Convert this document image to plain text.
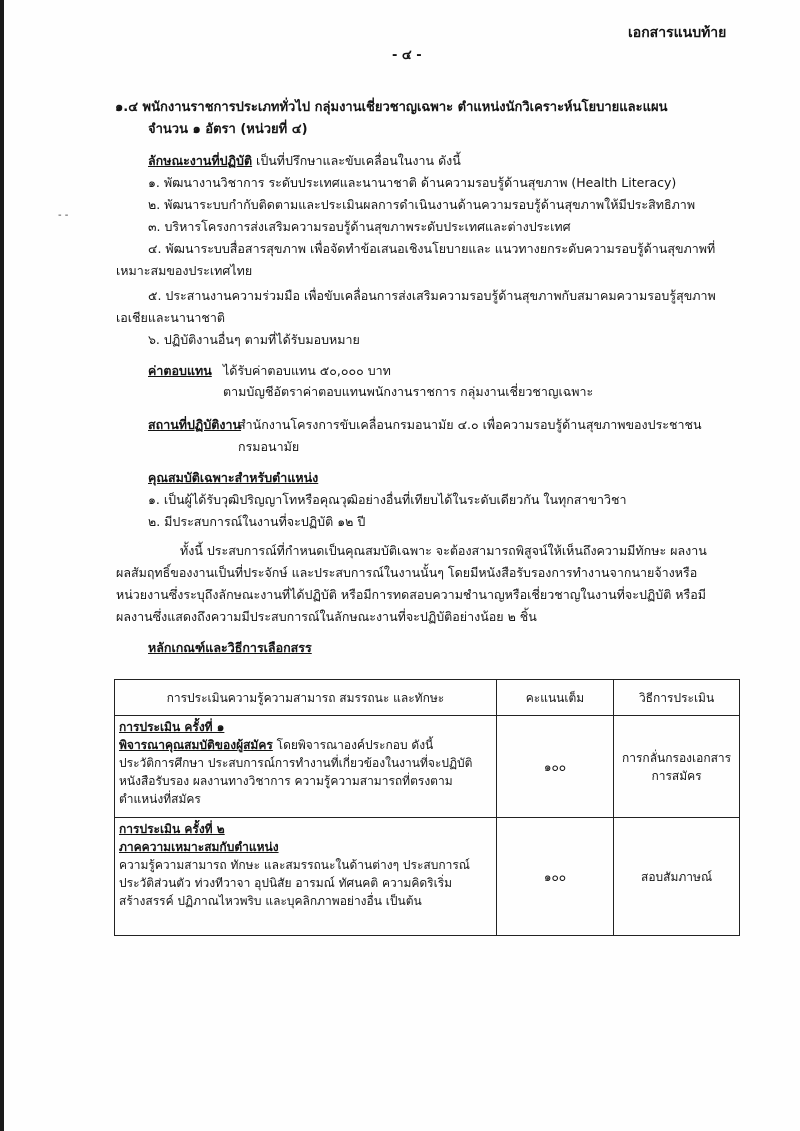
เอกสารแนบท้าย
- ๔ -
๑.๔ พนักงานราชการประเภททั่วไป กลุ่มงานเชี่ยวชาญเฉพาะ ตำแหน่งนักวิเคราะห์นโยบายและแผน
จำนวน ๑ อัตรา (หน่วยที่ ๔)
ลักษณะงานที่ปฏิบัติ เป็นที่ปรึกษาและขับเคลื่อนในงาน ดังนี้
๑. พัฒนางานวิชาการ ระดับประเทศและนานาชาติ ด้านความรอบรู้ด้านสุขภาพ (Health Literacy)
๒. พัฒนาระบบกำกับติดตามและประเมินผลการดำเนินงานด้านความรอบรู้ด้านสุขภาพให้มีประสิทธิภาพ
๓. บริหารโครงการส่งเสริมความรอบรู้ด้านสุขภาพระดับประเทศและต่างประเทศ
๔. พัฒนาระบบสื่อสารสุขภาพ เพื่อจัดทำข้อเสนอเชิงนโยบายและ แนวทางยกระดับความรอบรู้ด้านสุขภาพที่
เหมาะสมของประเทศไทย
๕. ประสานงานความร่วมมือ เพื่อขับเคลื่อนการส่งเสริมความรอบรู้ด้านสุขภาพกับสมาคมความรอบรู้สุขภาพ
เอเชียและนานาชาติ
๖. ปฏิบัติงานอื่นๆ ตามที่ได้รับมอบหมาย
- -
ค่าตอบแทน ได้รับค่าตอบแทน ๕๐,๐๐๐ บาท
ตามบัญชีอัตราค่าตอบแทนพนักงานราชการ กลุ่มงานเชี่ยวชาญเฉพาะ
สถานที่ปฏิบัติงาน
สำนักงานโครงการขับเคลื่อนกรมอนามัย ๔.๐ เพื่อความรอบรู้ด้านสุขภาพของประชาชน
กรมอนามัย
คุณสมบัติเฉพาะสำหรับตำแหน่ง
๑. เป็นผู้ได้รับวุฒิปริญญาโทหรือคุณวุฒิอย่างอื่นที่เทียบได้ในระดับเดียวกัน ในทุกสาขาวิชา
๒. มีประสบการณ์ในงานที่จะปฏิบัติ ๑๒ ปี
ทั้งนี้ ประสบการณ์ที่กำหนดเป็นคุณสมบัติเฉพาะ จะต้องสามารถพิสูจน์ให้เห็นถึงความมีทักษะ ผลงาน
ผลสัมฤทธิ์ของงานเป็นที่ประจักษ์ และประสบการณ์ในงานนั้นๆ โดยมีหนังสือรับรองการทำงานจากนายจ้างหรือ
หน่วยงานซึ่งระบุถึงลักษณะงานที่ได้ปฏิบัติ หรือมีการทดสอบความชำนาญหรือเชี่ยวชาญในงานที่จะปฏิบัติ หรือมี
ผลงานซึ่งแสดงถึงความมีประสบการณ์ในลักษณะงานที่จะปฏิบัติอย่างน้อย ๒ ชิ้น
หลักเกณฑ์และวิธีการเลือกสรร
การประเมินความรู้ความสามารถ สมรรถนะ และทักษะ	คะแนนเต็ม	วิธีการประเมิน

การประเมิน ครั้งที่ ๑
พิจารณาคุณสมบัติของผู้สมัคร โดยพิจารณาองค์ประกอบ ดังนี้
ประวัติการศึกษา ประสบการณ์การทำงานที่เกี่ยวข้องในงานที่จะปฏิบัติ
หนังสือรับรอง ผลงานทางวิชาการ ความรู้ความสามารถที่ตรงตาม
ตำแหน่งที่สมัคร	๑๐๐	การกลั่นกรองเอกสาร
การสมัคร

การประเมิน ครั้งที่ ๒
ภาคความเหมาะสมกับตำแหน่ง
ความรู้ความสามารถ ทักษะ และสมรรถนะในด้านต่างๆ ประสบการณ์
ประวัติส่วนตัว ท่วงทีวาจา อุปนิสัย อารมณ์ ทัศนคติ ความคิดริเริ่ม
สร้างสรรค์ ปฏิภาณไหวพริบ และบุคลิกภาพอย่างอื่น เป็นต้น	๑๐๐	สอบสัมภาษณ์
